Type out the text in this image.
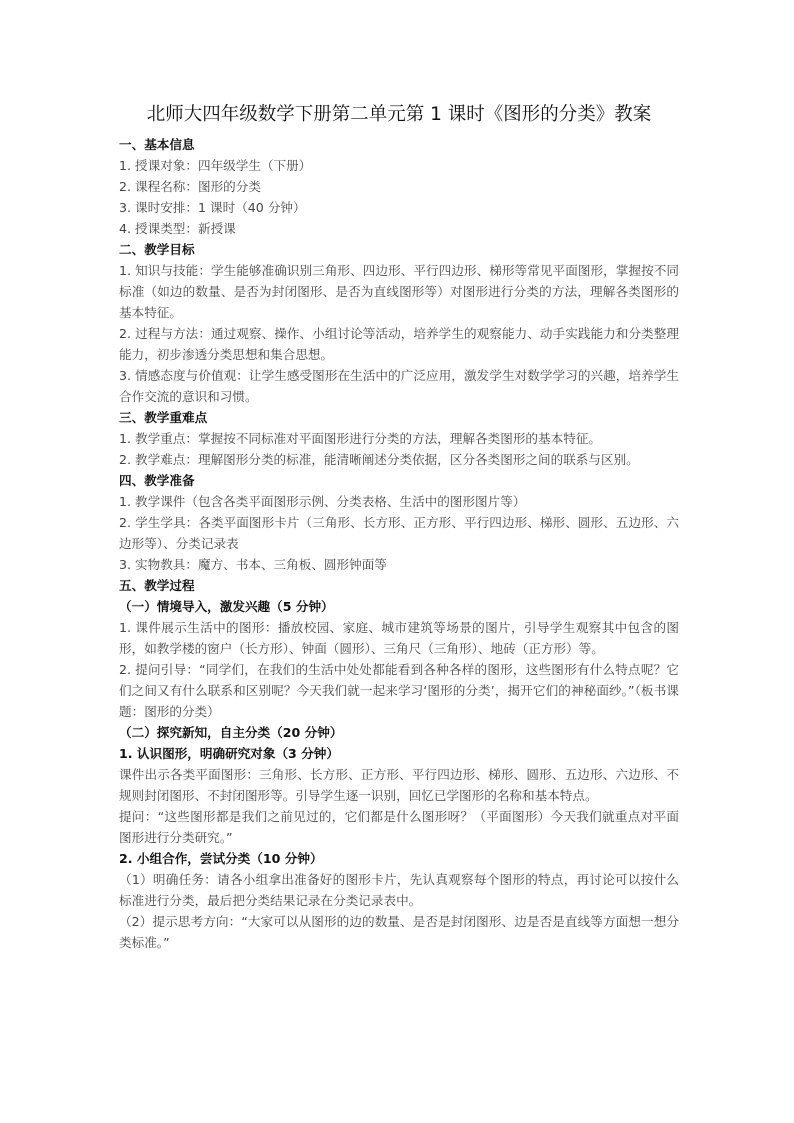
北师大四年级数学下册第二单元第 1 课时《图形的分类》教案
一、基本信息
1. 授课对象：四年级学生（下册）
2. 课程名称：图形的分类
3. 课时安排：1 课时（40 分钟）
4. 授课类型：新授课
二、教学目标
1. 知识与技能：学生能够准确识别三角形、四边形、平行四边形、梯形等常见平面图形，掌握按不同标准（如边的数量、是否为封闭图形、是否为直线图形等）对图形进行分类的方法，理解各类图形的基本特征。
2. 过程与方法：通过观察、操作、小组讨论等活动，培养学生的观察能力、动手实践能力和分类整理能力，初步渗透分类思想和集合思想。
3. 情感态度与价值观：让学生感受图形在生活中的广泛应用，激发学生对数学学习的兴趣，培养学生合作交流的意识和习惯。
三、教学重难点
1. 教学重点：掌握按不同标准对平面图形进行分类的方法，理解各类图形的基本特征。
2. 教学难点：理解图形分类的标准，能清晰阐述分类依据，区分各类图形之间的联系与区别。
四、教学准备
1. 教学课件（包含各类平面图形示例、分类表格、生活中的图形图片等）
2. 学生学具：各类平面图形卡片（三角形、长方形、正方形、平行四边形、梯形、圆形、五边形、六边形等）、分类记录表
3. 实物教具：魔方、书本、三角板、圆形钟面等
五、教学过程
（一）情境导入，激发兴趣（5 分钟）
1. 课件展示生活中的图形：播放校园、家庭、城市建筑等场景的图片，引导学生观察其中包含的图形，如教学楼的窗户（长方形）、钟面（圆形）、三角尺（三角形）、地砖（正方形）等。
2. 提问引导：“同学们，在我们的生活中处处都能看到各种各样的图形，这些图形有什么特点呢？它们之间又有什么联系和区别呢？今天我们就一起来学习‘图形的分类’，揭开它们的神秘面纱。”（板书课题：图形的分类）
（二）探究新知，自主分类（20 分钟）
1. 认识图形，明确研究对象（3 分钟）
课件出示各类平面图形：三角形、长方形、正方形、平行四边形、梯形、圆形、五边形、六边形、不规则封闭图形、不封闭图形等。引导学生逐一识别，回忆已学图形的名称和基本特点。
提问：“这些图形都是我们之前见过的，它们都是什么图形呀？（平面图形）今天我们就重点对平面图形进行分类研究。”
2. 小组合作，尝试分类（10 分钟）
（1）明确任务：请各小组拿出准备好的图形卡片，先认真观察每个图形的特点，再讨论可以按什么标准进行分类，最后把分类结果记录在分类记录表中。
（2）提示思考方向：“大家可以从图形的边的数量、是否是封闭图形、边是否是直线等方面想一想分类标准。”
